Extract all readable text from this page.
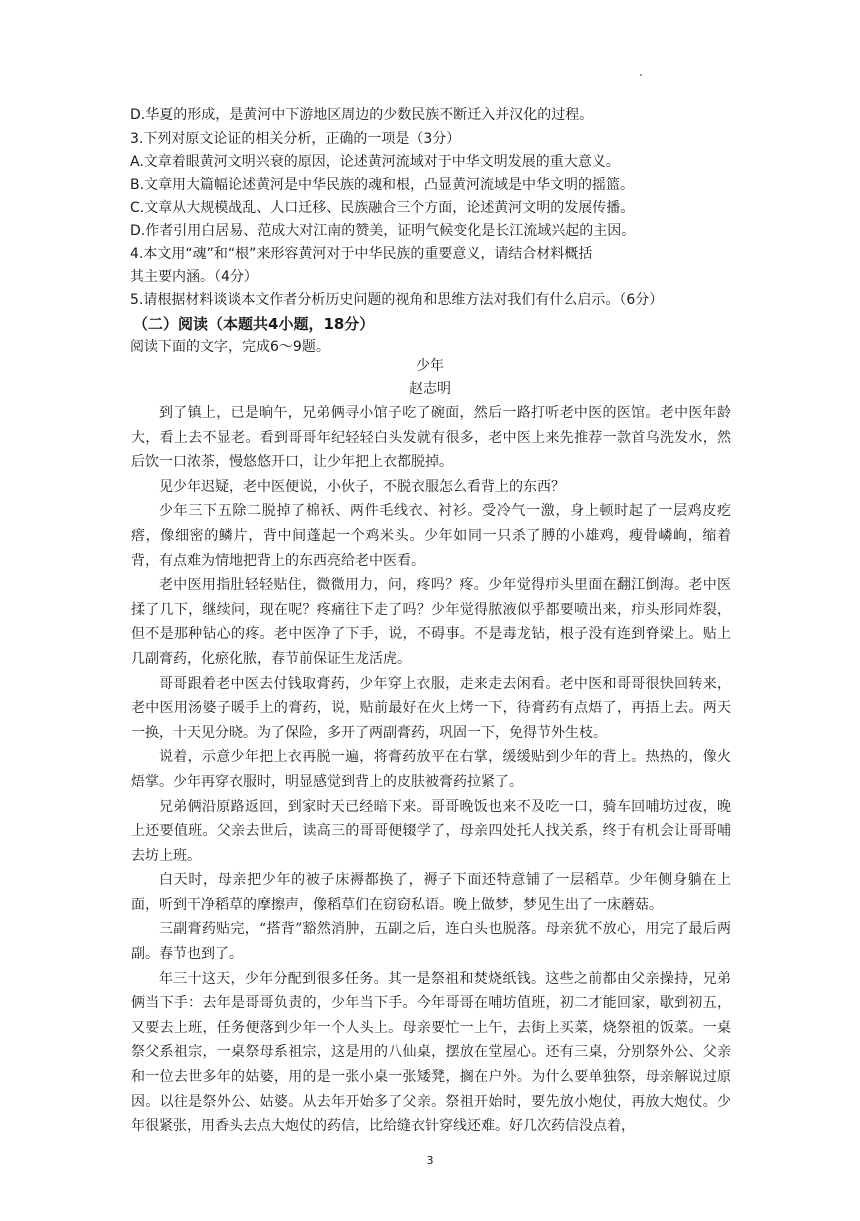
D.华夏的形成，是黄河中下游地区周边的少数民族不断迁入并汉化的过程。
3.下列对原文论证的相关分析，正确的一项是（3分）
A.文章着眼黄河文明兴衰的原因，论述黄河流域对于中华文明发展的重大意义。
B.文章用大篇幅论述黄河是中华民族的魂和根，凸显黄河流域是中华文明的摇篮。
C.文章从大规模战乱、人口迁移、民族融合三个方面，论述黄河文明的发展传播。
D.作者引用白居易、范成大对江南的赞美，证明气候变化是长江流域兴起的主因。
4.本文用“魂”和“根”来形容黄河对于中华民族的重要意义，请结合材料概括
其主要内涵。（4分）
5.请根据材料谈谈本文作者分析历史问题的视角和思维方法对我们有什么启示。（6分）
（二）阅读（本题共4小题，18分）
阅读下面的文字，完成6～9题。
少年
赵志明

到了镇上，已是晌午，兄弟俩寻小馆子吃了碗面，然后一路打听老中医的医馆。老中医年龄大，看上去不显老。看到哥哥年纪轻轻白头发就有很多，老中医上来先推荐一款首乌洗发水，然后饮一口浓茶，慢悠悠开口，让少年把上衣都脱掉。

见少年迟疑，老中医便说，小伙子，不脱衣服怎么看背上的东西？

少年三下五除二脱掉了棉袄、两件毛线衣、衬衫。受冷气一激，身上顿时起了一层鸡皮疙瘩，像细密的鳞片，背中间蓬起一个鸡米头。少年如同一只杀了膊的小雄鸡，瘦骨嶙峋，缩着背，有点难为情地把背上的东西亮给老中医看。

老中医用指肚轻轻贴住，微微用力，问，疼吗？疼。少年觉得疖头里面在翻江倒海。老中医揉了几下，继续问，现在呢？疼痛往下走了吗？少年觉得脓液似乎都要喷出来，疖头形同炸裂，但不是那种钻心的疼。老中医净了下手，说，不碍事。不是毒龙钻，根子没有连到脊梁上。贴上几副膏药，化瘀化脓，春节前保证生龙活虎。

哥哥跟着老中医去付钱取膏药，少年穿上衣服，走来走去闲看。老中医和哥哥很快回转来，老中医用汤婆子暖手上的膏药，说，贴前最好在火上烤一下，待膏药有点焐了，再捂上去。两天一换，十天见分晓。为了保险，多开了两副膏药，巩固一下，免得节外生枝。

说着，示意少年把上衣再脱一遍，将膏药放平在右掌，缓缓贴到少年的背上。热热的，像火焐掌。少年再穿衣服时，明显感觉到背上的皮肤被膏药拉紧了。

兄弟俩沿原路返回，到家时天已经暗下来。哥哥晚饭也来不及吃一口，骑车回哺坊过夜，晚上还要值班。父亲去世后，读高三的哥哥便辍学了，母亲四处托人找关系，终于有机会让哥哥哺去坊上班。

白天时，母亲把少年的被子床褥都换了，褥子下面还特意铺了一层稻草。少年侧身躺在上面，听到干净稻草的摩擦声，像稻草们在窃窃私语。晚上做梦，梦见生出了一床蘑菇。

三副膏药贴完，“搭背”豁然消肿，五副之后，连白头也脱落。母亲犹不放心，用完了最后两副。春节也到了。

年三十这天，少年分配到很多任务。其一是祭祖和焚烧纸钱。这些之前都由父亲操持，兄弟俩当下手：去年是哥哥负责的，少年当下手。今年哥哥在哺坊值班，初二才能回家，歇到初五，又要去上班，任务便落到少年一个人头上。母亲要忙一上午，去街上买菜，烧祭祖的饭菜。一桌祭父系祖宗，一桌祭母系祖宗，这是用的八仙桌，摆放在堂屋心。还有三桌，分别祭外公、父亲和一位去世多年的姑婆，用的是一张小桌一张矮凳，搁在户外。为什么要单独祭，母亲解说过原因。以往是祭外公、姑婆。从去年开始多了父亲。祭祖开始时，要先放小炮仗，再放大炮仗。少年很紧张，用香头去点大炮仗的药信，比给缝衣针穿线还难。好几次药信没点着，

3
